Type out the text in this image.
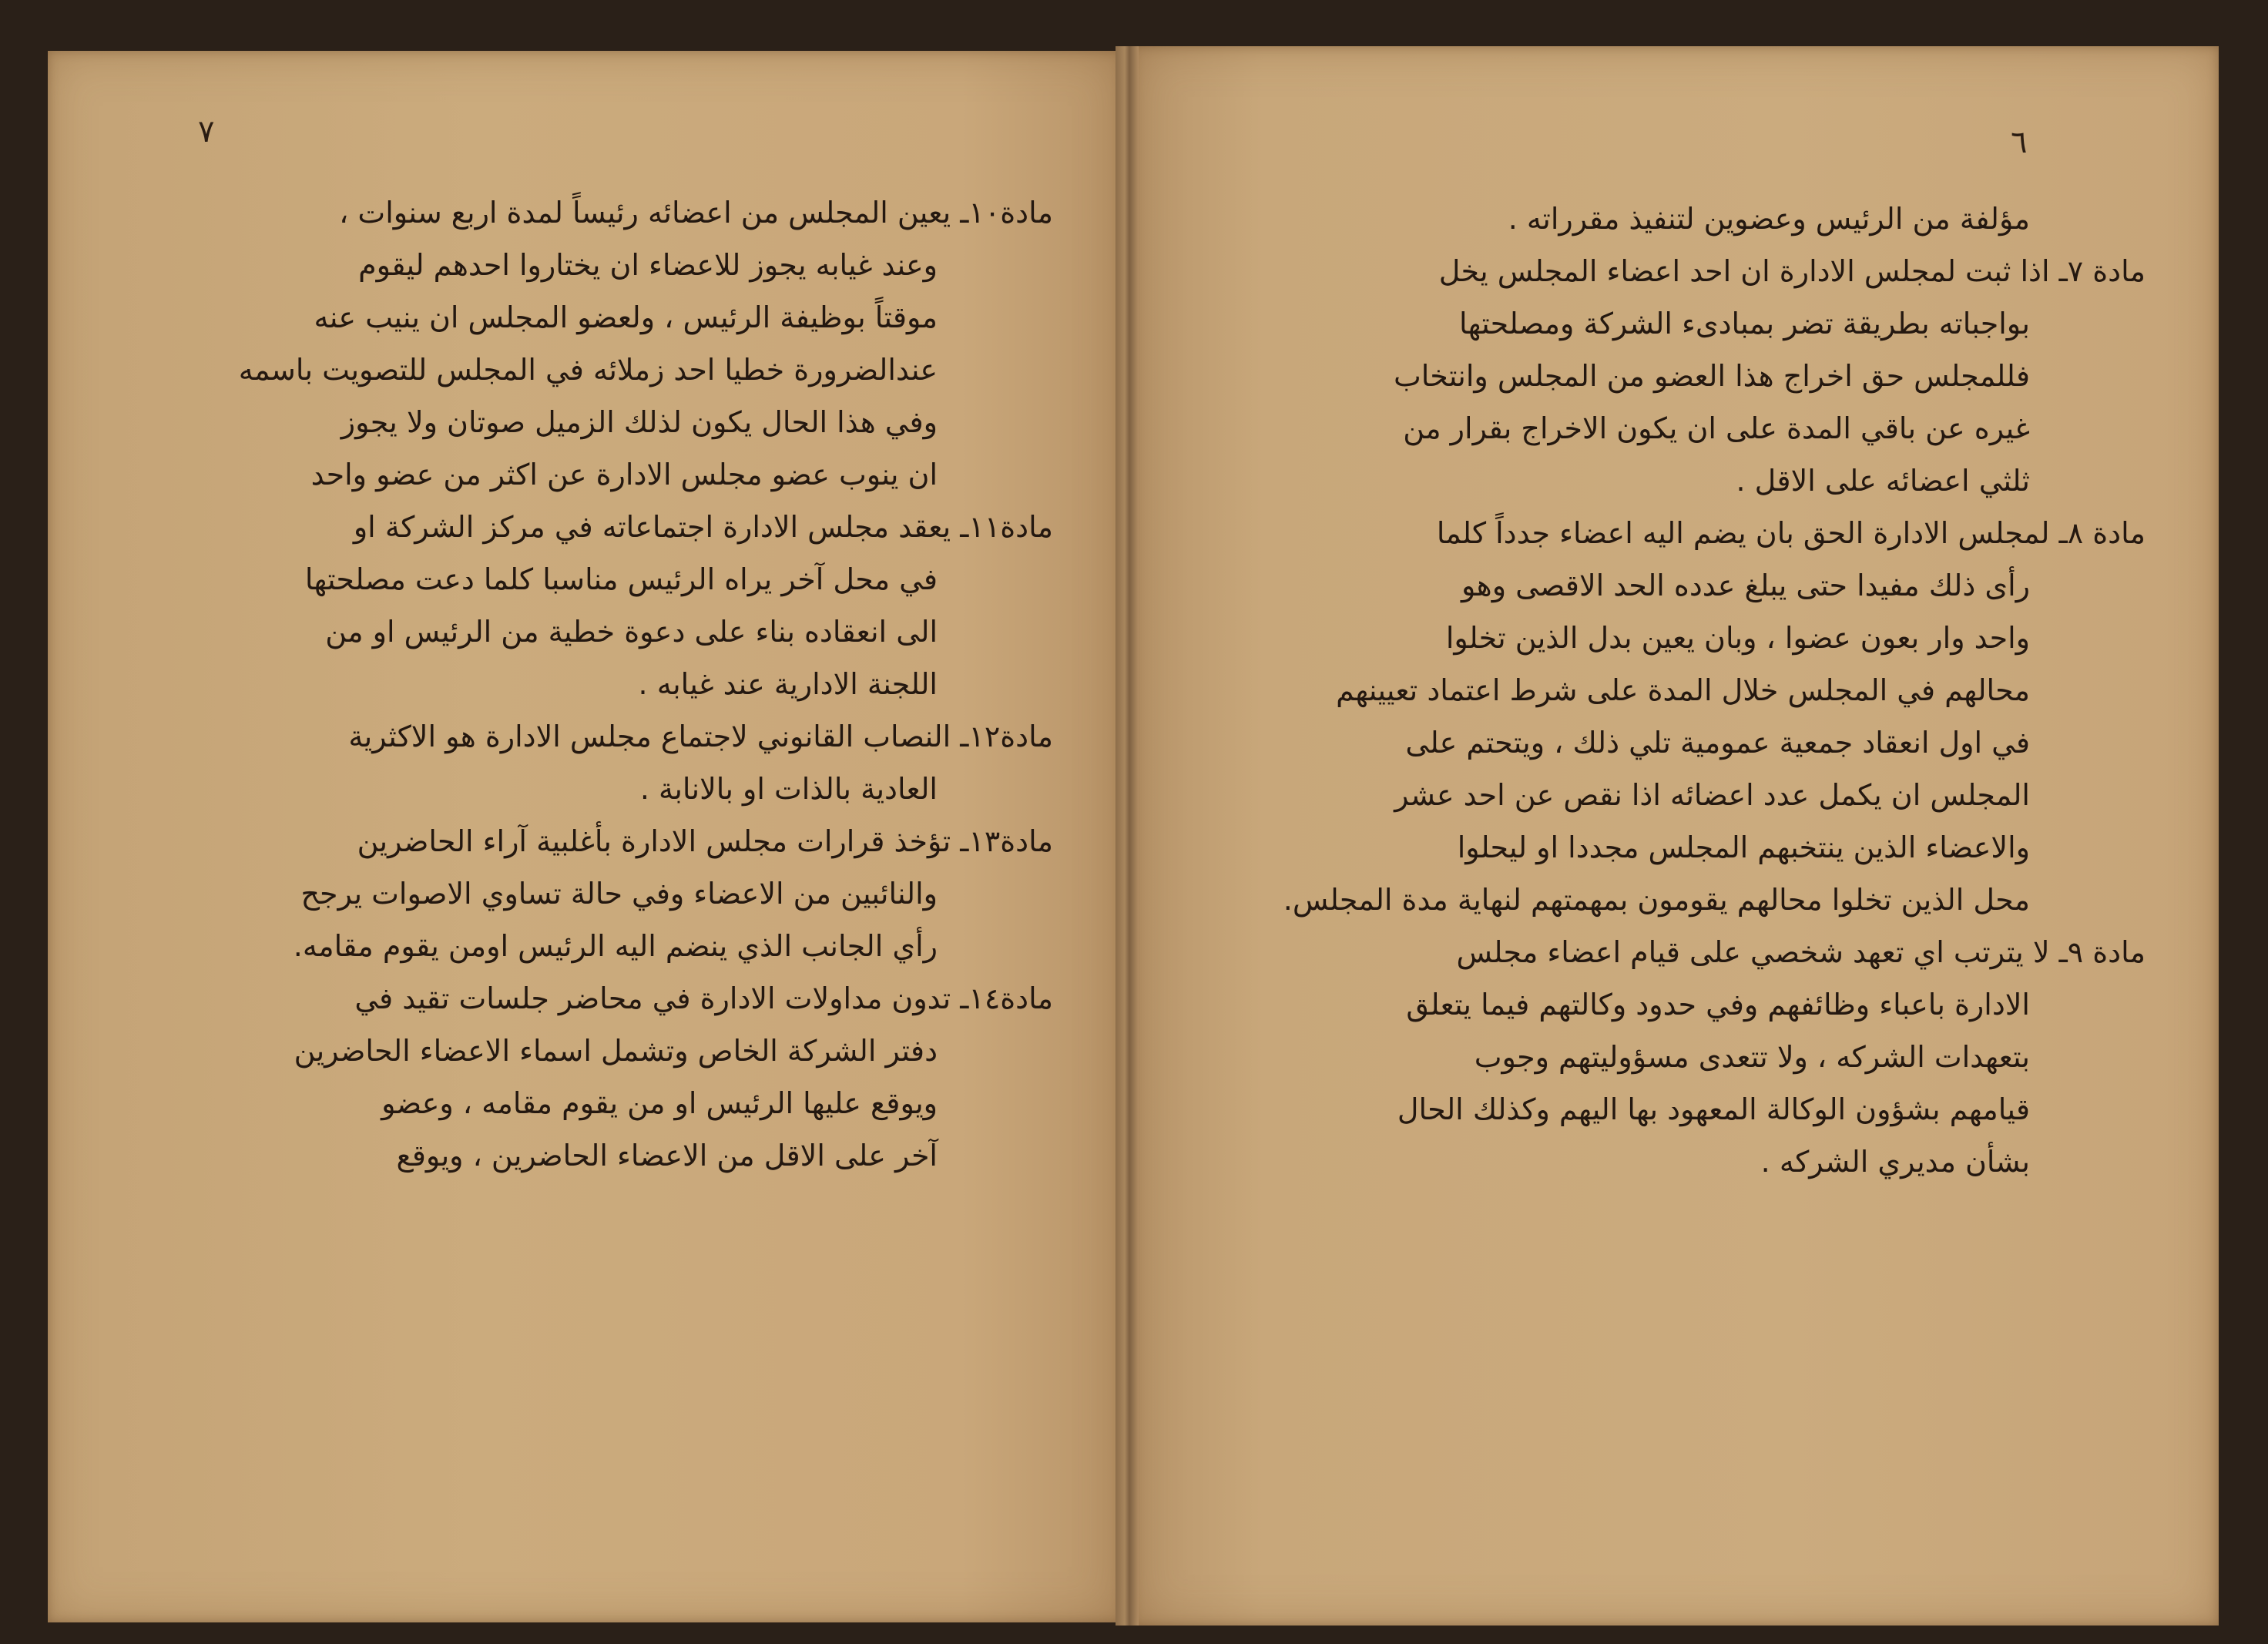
٧
مادة١٠ـ يعين المجلس من اعضائه رئيساً لمدة اربع سنوات ،
وعند غيابه يجوز للاعضاء ان يختاروا احدهم ليقوم
موقتاً بوظيفة الرئيس ، ولعضو المجلس ان ينيب عنه
عندالضرورة خطيا احد زملائه في المجلس للتصويت باسمه
وفي هذا الحال يكون لذلك الزميل صوتان ولا يجوز
ان ينوب عضو مجلس الادارة عن اكثر من عضو واحد
مادة١١ـ يعقد مجلس الادارة اجتماعاته في مركز الشركة او
في محل آخر يراه الرئيس مناسبا كلما دعت مصلحتها
الى انعقاده بناء على دعوة خطية من الرئيس او من
اللجنة الادارية عند غيابه .
مادة١٢ـ النصاب القانوني لاجتماع مجلس الادارة هو الاكثرية
العادية بالذات او بالانابة .
مادة١٣ـ تؤخذ قرارات مجلس الادارة بأغلبية آراء الحاضرين
والنائبين من الاعضاء وفي حالة تساوي الاصوات يرجح
رأي الجانب الذي ينضم اليه الرئيس اومن يقوم مقامه.
مادة١٤ـ تدون مداولات الادارة في محاضر جلسات تقيد في
دفتر الشركة الخاص وتشمل اسماء الاعضاء الحاضرين
ويوقع عليها الرئيس او من يقوم مقامه ، وعضو
آخر على الاقل من الاعضاء الحاضرين ، ويوقع
٦
مؤلفة من الرئيس وعضوين لتنفيذ مقرراته .
مادة ٧ـ اذا ثبت لمجلس الادارة ان احد اعضاء المجلس يخل
بواجباته بطريقة تضر بمبادىء الشركة ومصلحتها
فللمجلس حق اخراج هذا العضو من المجلس وانتخاب
غيره عن باقي المدة على ان يكون الاخراج بقرار من
ثلثي اعضائه على الاقل .
مادة ٨ـ لمجلس الادارة الحق بان يضم اليه اعضاء جدداً كلما
رأى ذلك مفيدا حتى يبلغ عدده الحد الاقصى وهو
واحد وار بعون عضوا ، وبان يعين بدل الذين تخلوا
محالهم في المجلس خلال المدة على شرط اعتماد تعيينهم
في اول انعقاد جمعية عمومية تلي ذلك ، ويتحتم على
المجلس ان يكمل عدد اعضائه اذا نقص عن احد عشر
والاعضاء الذين ينتخبهم المجلس مجددا او ليحلوا
محل الذين تخلوا محالهم يقومون بمهمتهم لنهاية مدة المجلس.
مادة ٩ـ لا يترتب اي تعهد شخصي على قيام اعضاء مجلس
الادارة باعباء وظائفهم وفي حدود وكالتهم فيما يتعلق
بتعهدات الشركه ، ولا تتعدى مسؤوليتهم وجوب
قيامهم بشؤون الوكالة المعهود بها اليهم وكذلك الحال
بشأن مديري الشركه .
